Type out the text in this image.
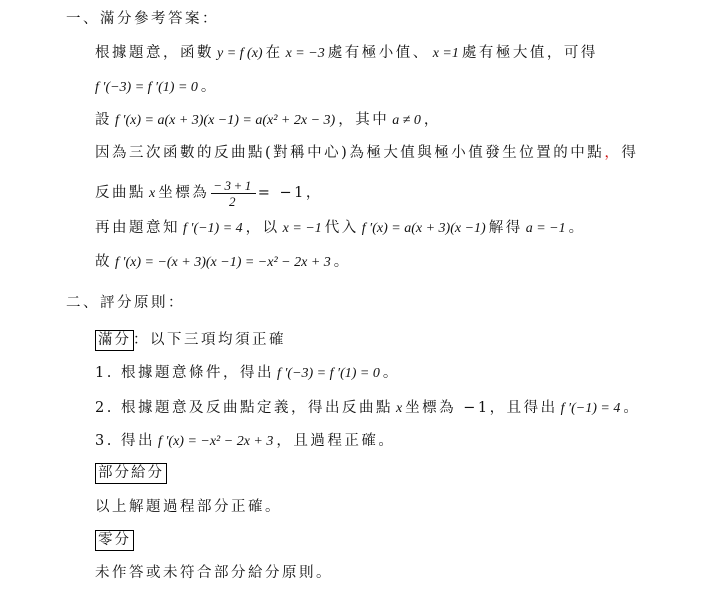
一、滿分參考答案：
根據題意，函數 y = f (x) 在 x = −3 處有極小值、 x =1 處有極大值，可得
f ′(−3) = f ′(1) = 0 。
設 f ′(x) = a(x + 3)(x −1) = a(x² + 2x − 3) ，其中 a ≠ 0 ，
因為三次函數的反曲點(對稱中心)為極大值與極小值發生位置的中點，得
反曲點 x 坐標為 $\frac{-3+1}{2} = -1$，
再由題意知 f ′(−1) = 4 ，以 x = −1 代入 f ′(x) = a(x + 3)(x −1) 解得 a = −1 。
故 f ′(x) = −(x + 3)(x −1) = −x² − 2x + 3 。
二、評分原則：
滿分 ：以下三項均須正確
1. 根據題意條件，得出 f ′(−3) = f ′(1) = 0 。
2. 根據題意及反曲點定義，得出反曲點 x 坐標為 −1，且得出 f ′(−1) = 4 。
3. 得出 f ′(x) = −x² − 2x + 3 ，且過程正確。
部分給分
以上解題過程部分正確。
零分
未作答或未符合部分給分原則。
